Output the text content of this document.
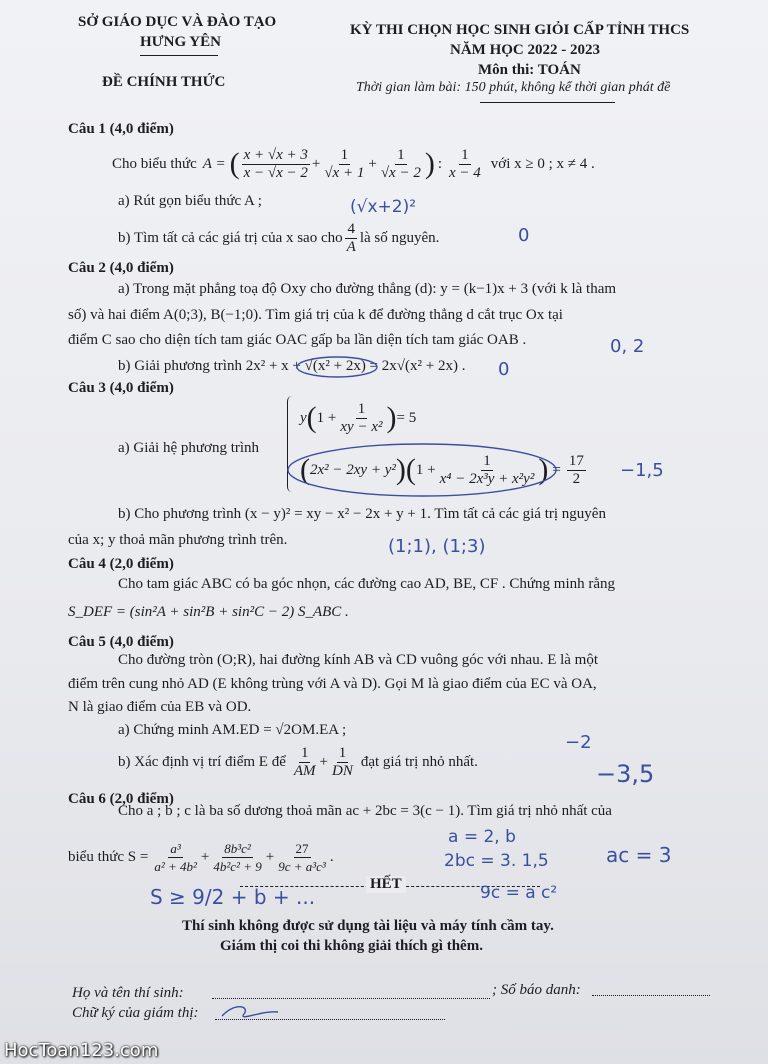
SỞ GIÁO DỤC VÀ ĐÀO TẠO
HƯNG YÊN
ĐỀ CHÍNH THỨC
KỲ THI CHỌN HỌC SINH GIỎI CẤP TỈNH THCS
NĂM HỌC 2022 - 2023
Môn thi: TOÁN
Thời gian làm bài: 150 phút, không kể thời gian phát đề
Câu 1 (4,0 điểm)
Cho biểu thức A = ( $\frac{x + √x + 3}{x - √x - 2} + \frac{1}{√x + 1} + \frac{1}{√x - 2}$ ) : $\frac{1}{x - 4}$ với x ≥ 0 ; x ≠ 4 .
a) Rút gọn biểu thức A ;
b) Tìm tất cả các giá trị của x sao cho $\frac{4}{A}$ là số nguyên.
Câu 2 (4,0 điểm)
a) Trong mặt phẳng toạ độ Oxy cho đường thẳng (d): y = (k−1)x + 3 (với k là tham
số) và hai điểm A(0;3), B(−1;0). Tìm giá trị của k để đường thẳng d cắt trục Ox tại
điểm C sao cho diện tích tam giác OAC gấp ba lần diện tích tam giác OAB .
b) Giải phương trình 2x² + x + √(x² + 2x) = 2x√(x² + 2x) .
Câu 3 (4,0 điểm)
a) Giải hệ phương trình
y ( $1 + \frac{1}{\text{xy − x²}}$ ) = 5
( 2x² − 2xy + y² ) ( $1 + \frac{1}{\text{x⁴ − 2x³y + x²y²}}$ ) = $\frac{17}{2}$
b) Cho phương trình (x − y)² = xy − x² − 2x + y + 1. Tìm tất cả các giá trị nguyên
của x; y thoả mãn phương trình trên.
Câu 4 (2,0 điểm)
Cho tam giác ABC có ba góc nhọn, các đường cao AD, BE, CF . Chứng minh rằng
S_DEF = (sin²A + sin²B + sin²C − 2) S_ABC .
Câu 5 (4,0 điểm)
Cho đường tròn (O;R), hai đường kính AB và CD vuông góc với nhau. E là một
điểm trên cung nhỏ AD (E không trùng với A và D). Gọi M là giao điểm của EC và OA,
N là giao điểm của EB và OD.
a) Chứng minh AM.ED = √2OM.EA ;
b) Xác định vị trí điểm E để $\frac{1}{AM} + \frac{1}{DN}$ đạt giá trị nhỏ nhất.
Câu 6 (2,0 điểm)
Cho a ; b ; c là ba số dương thoả mãn ac + 2bc = 3(c − 1). Tìm giá trị nhỏ nhất của
biểu thức $S = \frac{\text{a³}}{\text{a² + 4b²}} + \frac{\text{8b³c²}}{\text{4b²c² + 9}} + \frac{27}{\text{9c + a³c³}}$ .
HẾT
Thí sinh không được sử dụng tài liệu và máy tính cầm tay.
Giám thị coi thi không giải thích gì thêm.
Họ và tên thí sinh:	; Số báo danh:
Chữ ký của giám thị:
(√x+2)²
0
0, 2
0
−1,5
(1;1), (1;3)
−2
−3,5
a = 2, b
2bc = 3. 1,5	ac = 3
9c = a c²
S ≥ 9/2 + b + ...
HocToan123.com
